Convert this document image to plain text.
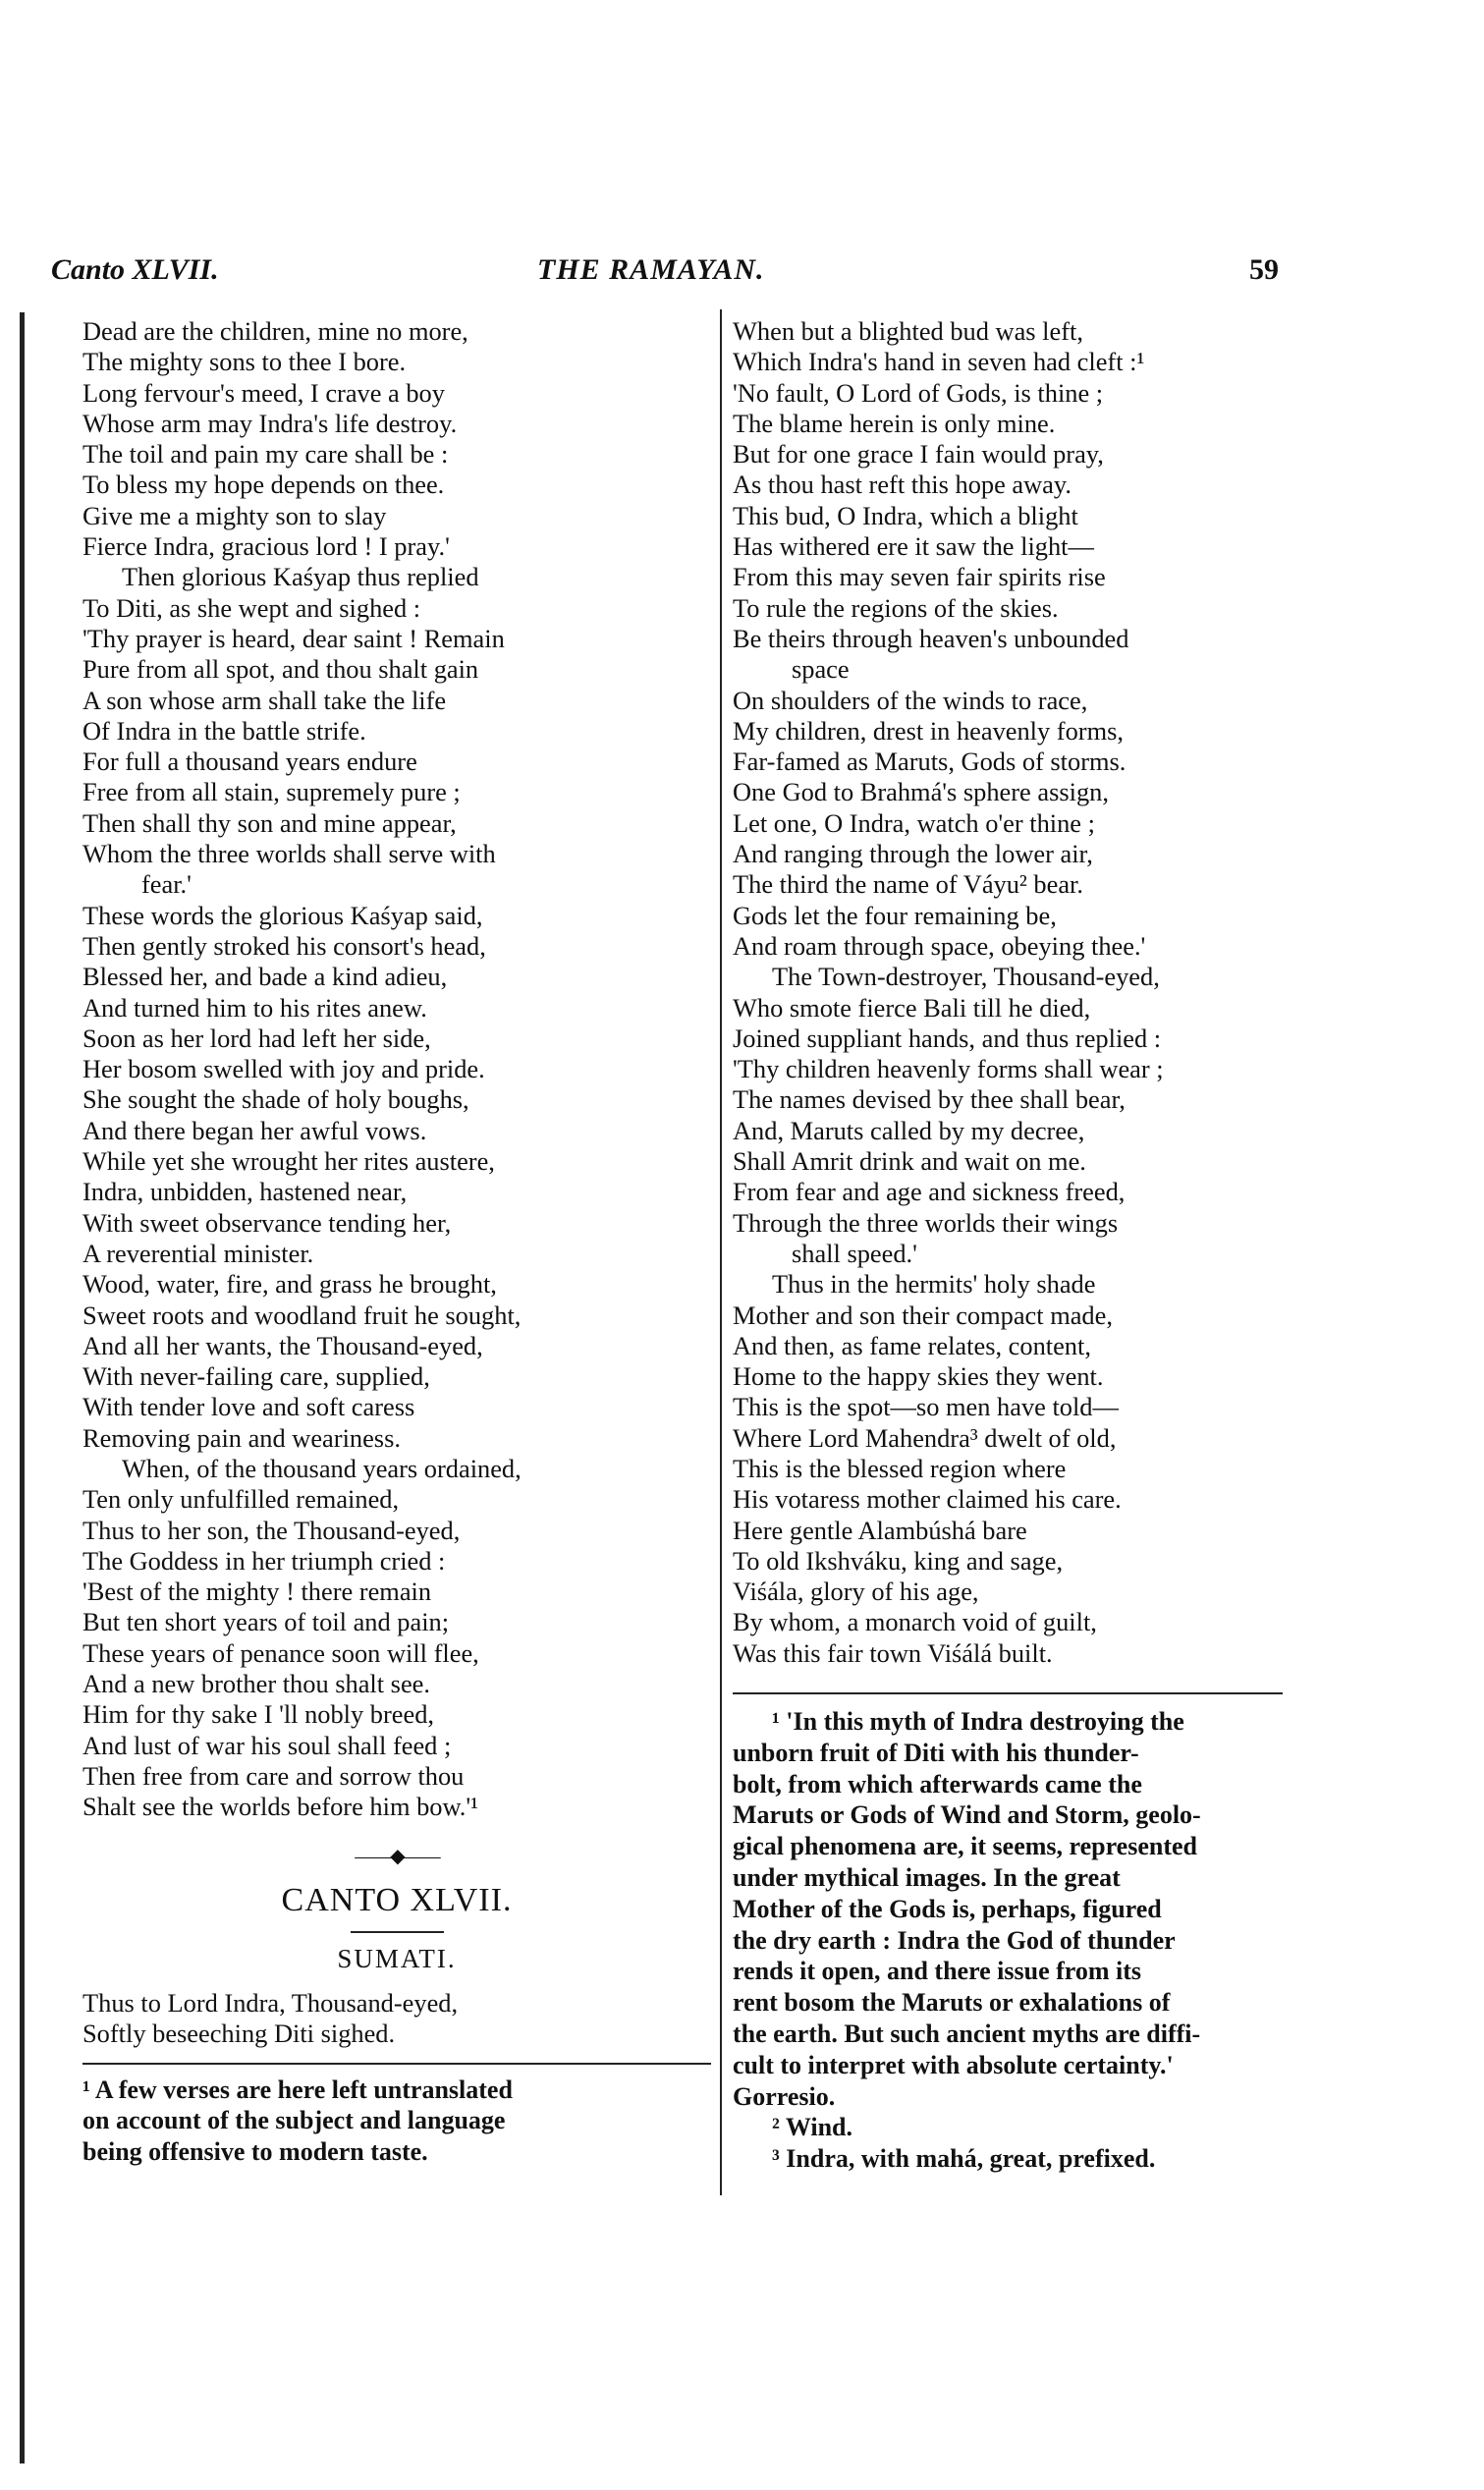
Canto XLVII.	THE RAMAYAN.	59
Dead are the children, mine no more,
The mighty sons to thee I bore.
Long fervour's meed, I crave a boy
Whose arm may Indra's life destroy.
The toil and pain my care shall be :
To bless my hope depends on thee.
Give me a mighty son to slay
Fierce Indra, gracious lord ! I pray.'
Then glorious Kaśyap thus replied
To Diti, as she wept and sighed :
'Thy prayer is heard, dear saint ! Remain
Pure from all spot, and thou shalt gain
A son whose arm shall take the life
Of Indra in the battle strife.
For full a thousand years endure
Free from all stain, supremely pure ;
Then shall thy son and mine appear,
Whom the three worlds shall serve with
fear.'
These words the glorious Kaśyap said,
Then gently stroked his consort's head,
Blessed her, and bade a kind adieu,
And turned him to his rites anew.
Soon as her lord had left her side,
Her bosom swelled with joy and pride.
She sought the shade of holy boughs,
And there began her awful vows.
While yet she wrought her rites austere,
Indra, unbidden, hastened near,
With sweet observance tending her,
A reverential minister.
Wood, water, fire, and grass he brought,
Sweet roots and woodland fruit he sought,
And all her wants, the Thousand-eyed,
With never-failing care, supplied,
With tender love and soft caress
Removing pain and weariness.
When, of the thousand years ordained,
Ten only unfulfilled remained,
Thus to her son, the Thousand-eyed,
The Goddess in her triumph cried :
'Best of the mighty ! there remain
But ten short years of toil and pain;
These years of penance soon will flee,
And a new brother thou shalt see.
Him for thy sake I 'll nobly breed,
And lust of war his soul shall feed ;
Then free from care and sorrow thou
Shalt see the worlds before him bow.'¹
——◆——
CANTO XLVII.
SUMATI.
Thus to Lord Indra, Thousand-eyed,
Softly beseeching Diti sighed.
¹ A few verses are here left untranslated
on account of the subject and language
being offensive to modern taste.
When but a blighted bud was left,
Which Indra's hand in seven had cleft :¹
'No fault, O Lord of Gods, is thine ;
The blame herein is only mine.
But for one grace I fain would pray,
As thou hast reft this hope away.
This bud, O Indra, which a blight
Has withered ere it saw the light—
From this may seven fair spirits rise
To rule the regions of the skies.
Be theirs through heaven's unbounded
space
On shoulders of the winds to race,
My children, drest in heavenly forms,
Far-famed as Maruts, Gods of storms.
One God to Brahmá's sphere assign,
Let one, O Indra, watch o'er thine ;
And ranging through the lower air,
The third the name of Váyu² bear.
Gods let the four remaining be,
And roam through space, obeying thee.'
The Town-destroyer, Thousand-eyed,
Who smote fierce Bali till he died,
Joined suppliant hands, and thus replied :
'Thy children heavenly forms shall wear ;
The names devised by thee shall bear,
And, Maruts called by my decree,
Shall Amrit drink and wait on me.
From fear and age and sickness freed,
Through the three worlds their wings
shall speed.'
Thus in the hermits' holy shade
Mother and son their compact made,
And then, as fame relates, content,
Home to the happy skies they went.
This is the spot—so men have told—
Where Lord Mahendra³ dwelt of old,
This is the blessed region where
His votaress mother claimed his care.
Here gentle Alambúshá bare
To old Ikshváku, king and sage,
Viśála, glory of his age,
By whom, a monarch void of guilt,
Was this fair town Viśálá built.
¹ 'In this myth of Indra destroying the
unborn fruit of Diti with his thunder-
bolt, from which afterwards came the
Maruts or Gods of Wind and Storm, geolo-
gical phenomena are, it seems, represented
under mythical images. In the great
Mother of the Gods is, perhaps, figured
the dry earth : Indra the God of thunder
rends it open, and there issue from its
rent bosom the Maruts or exhalations of
the earth. But such ancient myths are diffi-
cult to interpret with absolute certainty.'
Gorresio.
² Wind.
³ Indra, with mahá, great, prefixed.
